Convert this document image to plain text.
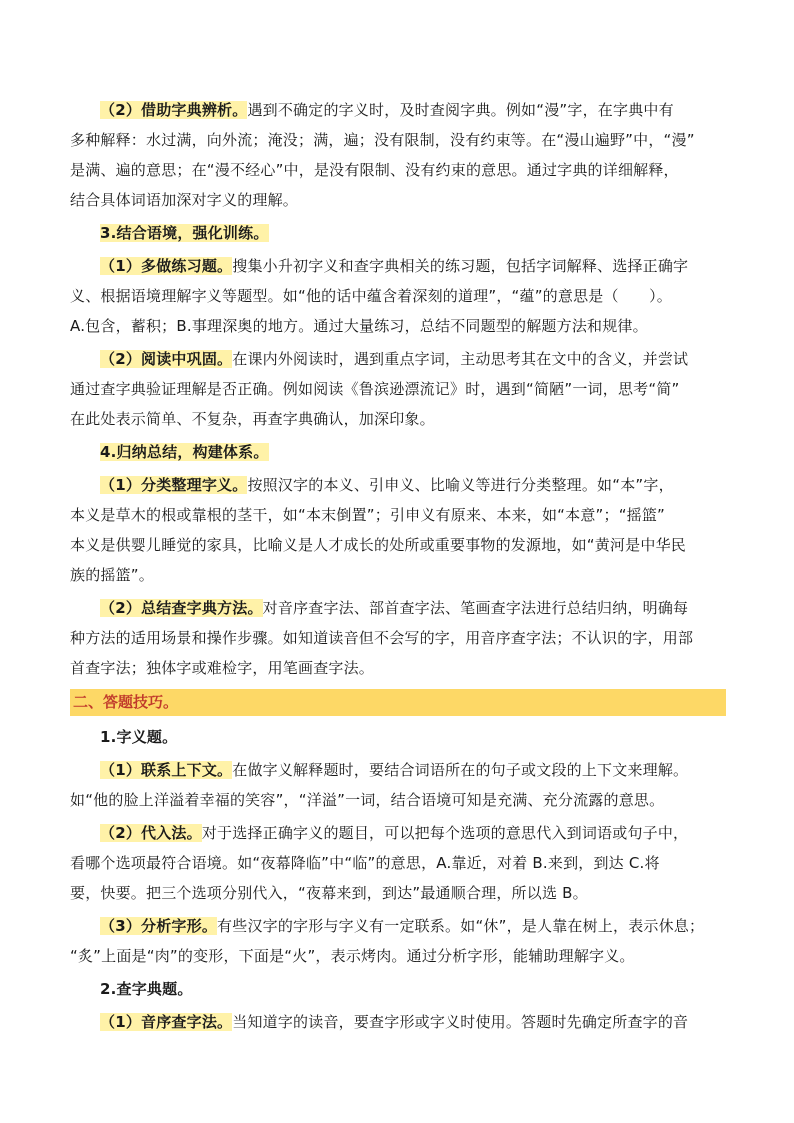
（2）借助字典辨析。遇到不确定的字义时，及时查阅字典。例如“漫”字，在字典中有
多种解释：水过满，向外流；淹没；满，遍；没有限制，没有约束等。在“漫山遍野”中，“漫”
是满、遍的意思；在“漫不经心”中，是没有限制、没有约束的意思。通过字典的详细解释，
结合具体词语加深对字义的理解。
3.结合语境，强化训练。
（1）多做练习题。搜集小升初字义和查字典相关的练习题，包括字词解释、选择正确字
义、根据语境理解字义等题型。如“他的话中蕴含着深刻的道理”，“蕴”的意思是（　　）。
A.包含，蓄积；B.事理深奥的地方。通过大量练习，总结不同题型的解题方法和规律。
（2）阅读中巩固。在课内外阅读时，遇到重点字词，主动思考其在文中的含义，并尝试
通过查字典验证理解是否正确。例如阅读《鲁滨逊漂流记》时，遇到“简陋”一词，思考“简”
在此处表示简单、不复杂，再查字典确认，加深印象。
4.归纳总结，构建体系。
（1）分类整理字义。按照汉字的本义、引申义、比喻义等进行分类整理。如“本”字，
本义是草木的根或靠根的茎干，如“本末倒置”；引申义有原来、本来，如“本意”；“摇篮”
本义是供婴儿睡觉的家具，比喻义是人才成长的处所或重要事物的发源地，如“黄河是中华民
族的摇篮”。
（2）总结查字典方法。对音序查字法、部首查字法、笔画查字法进行总结归纳，明确每
种方法的适用场景和操作步骤。如知道读音但不会写的字，用音序查字法；不认识的字，用部
首查字法；独体字或难检字，用笔画查字法。
二、答题技巧。
1.字义题。
（1）联系上下文。在做字义解释题时，要结合词语所在的句子或文段的上下文来理解。
如“他的脸上洋溢着幸福的笑容”，“洋溢”一词，结合语境可知是充满、充分流露的意思。
（2）代入法。对于选择正确字义的题目，可以把每个选项的意思代入到词语或句子中，
看哪个选项最符合语境。如“夜幕降临”中“临”的意思，A.靠近，对着 B.来到，到达 C.将
要，快要。把三个选项分别代入，“夜幕来到，到达”最通顺合理，所以选 B。
（3）分析字形。有些汉字的字形与字义有一定联系。如“休”，是人靠在树上，表示休息；
“炙”上面是“肉”的变形，下面是“火”，表示烤肉。通过分析字形，能辅助理解字义。
2.查字典题。
（1）音序查字法。当知道字的读音，要查字形或字义时使用。答题时先确定所查字的音
